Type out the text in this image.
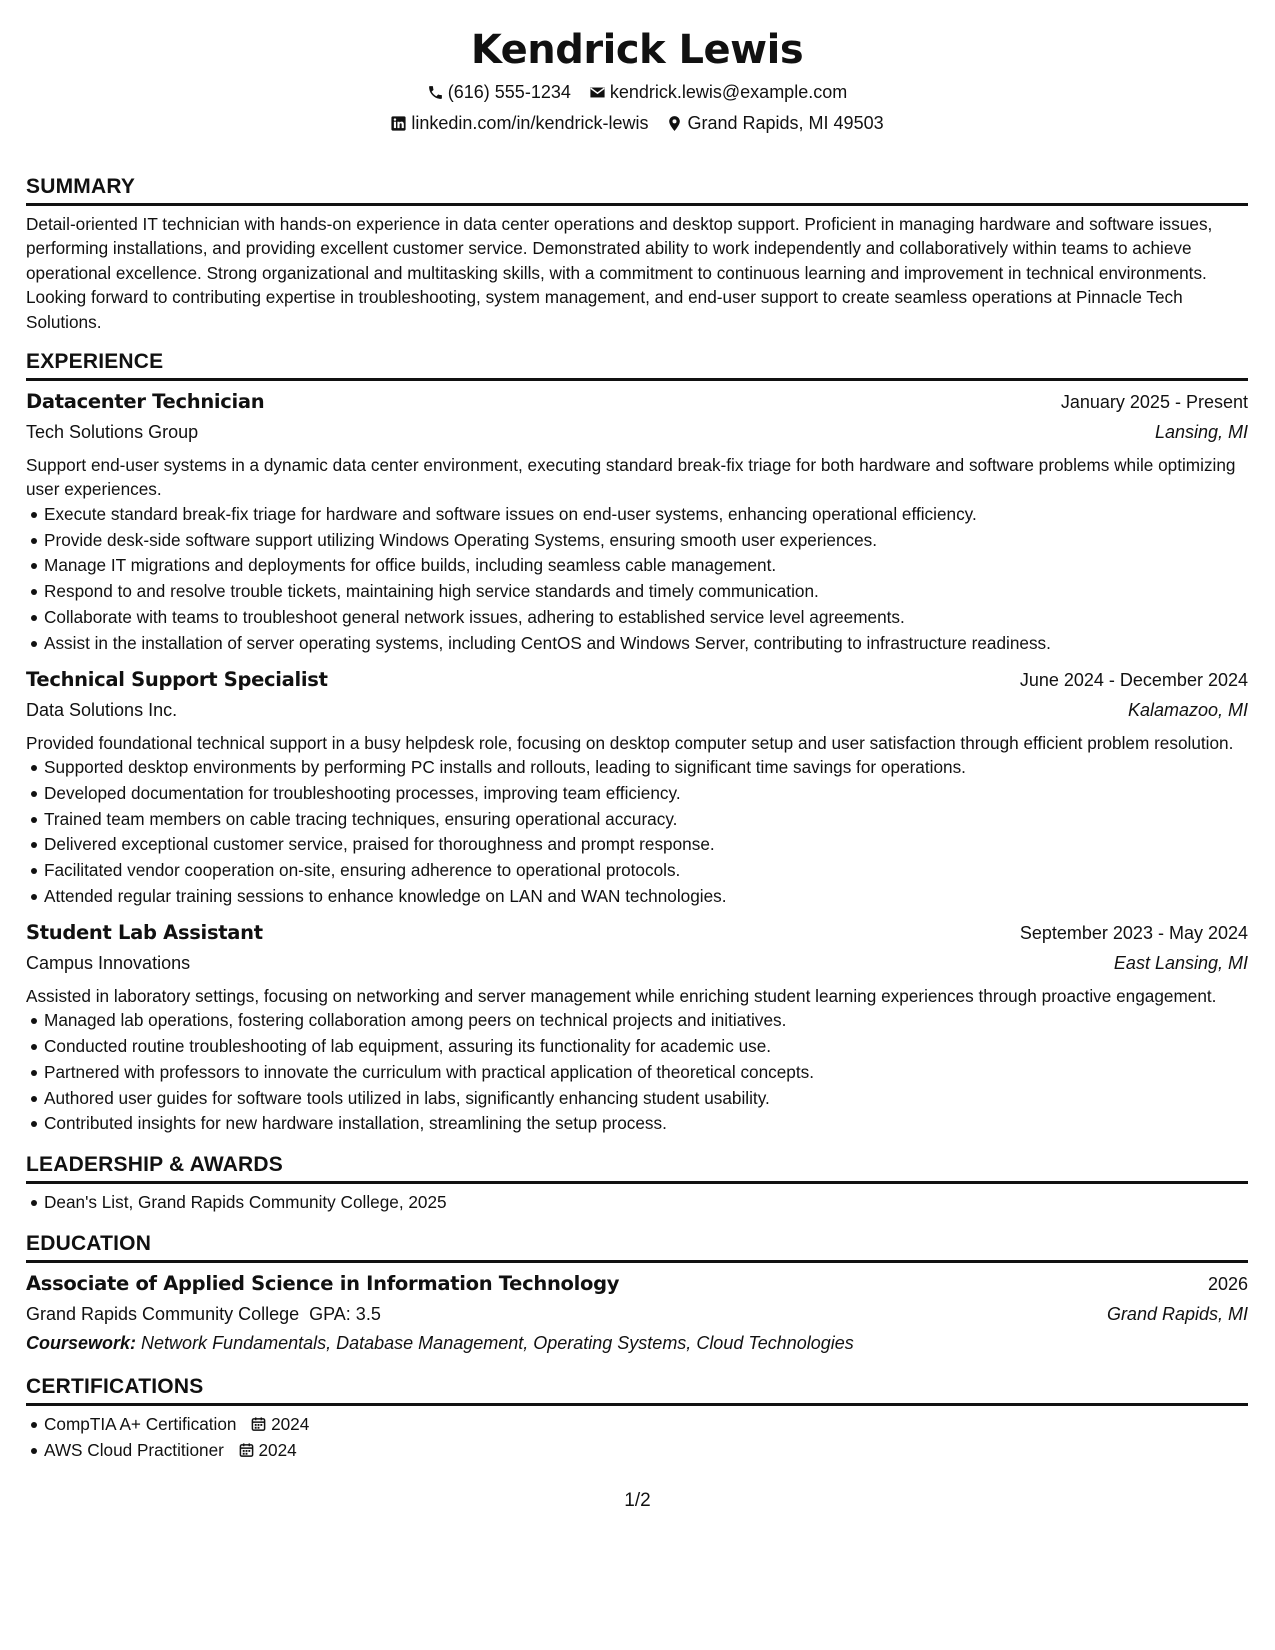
Kendrick Lewis
(616) 555-1234 kendrick.lewis@example.com
linkedin.com/in/kendrick-lewis Grand Rapids, MI 49503
SUMMARY

Detail-oriented IT technician with hands-on experience in data center operations and desktop support. Proficient in managing hardware and software issues, performing installations, and providing excellent customer service. Demonstrated ability to work independently and collaboratively within teams to achieve operational excellence. Strong organizational and multitasking skills, with a commitment to continuous learning and improvement in technical environments. Looking forward to contributing expertise in troubleshooting, system management, and end-user support to create seamless operations at Pinnacle Tech Solutions.

EXPERIENCE
Datacenter Technician	January 2025 - Present
Tech Solutions Group	Lansing, MI

Support end-user systems in a dynamic data center environment, executing standard break-fix triage for both hardware and software problems while optimizing user experiences.

Execute standard break-fix triage for hardware and software issues on end-user systems, enhancing operational efficiency.
Provide desk-side software support utilizing Windows Operating Systems, ensuring smooth user experiences.
Manage IT migrations and deployments for office builds, including seamless cable management.
Respond to and resolve trouble tickets, maintaining high service standards and timely communication.
Collaborate with teams to troubleshoot general network issues, adhering to established service level agreements.
Assist in the installation of server operating systems, including CentOS and Windows Server, contributing to infrastructure readiness.
Technical Support Specialist	June 2024 - December 2024
Data Solutions Inc.	Kalamazoo, MI

Provided foundational technical support in a busy helpdesk role, focusing on desktop computer setup and user satisfaction through efficient problem resolution.

Supported desktop environments by performing PC installs and rollouts, leading to significant time savings for operations.
Developed documentation for troubleshooting processes, improving team efficiency.
Trained team members on cable tracing techniques, ensuring operational accuracy.
Delivered exceptional customer service, praised for thoroughness and prompt response.
Facilitated vendor cooperation on-site, ensuring adherence to operational protocols.
Attended regular training sessions to enhance knowledge on LAN and WAN technologies.
Student Lab Assistant	September 2023 - May 2024
Campus Innovations	East Lansing, MI

Assisted in laboratory settings, focusing on networking and server management while enriching student learning experiences through proactive engagement.

Managed lab operations, fostering collaboration among peers on technical projects and initiatives.
Conducted routine troubleshooting of lab equipment, assuring its functionality for academic use.
Partnered with professors to innovate the curriculum with practical application of theoretical concepts.
Authored user guides for software tools utilized in labs, significantly enhancing student usability.
Contributed insights for new hardware installation, streamlining the setup process.
LEADERSHIP & AWARDS
Dean's List, Grand Rapids Community College, 2025
EDUCATION
Associate of Applied Science in Information Technology	2026
Grand Rapids Community College GPA: 3.5	Grand Rapids, MI
Coursework: Network Fundamentals, Database Management, Operating Systems, Cloud Technologies
CERTIFICATIONS
CompTIA A+ Certification 2024
AWS Cloud Practitioner 2024
1/2
